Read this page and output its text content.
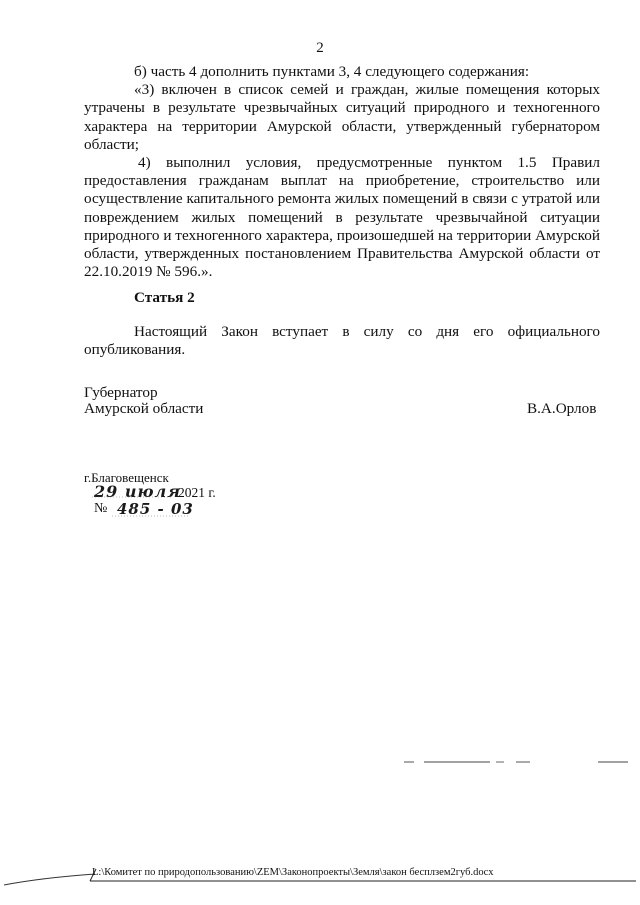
2

б) часть 4 дополнить пунктами 3, 4 следующего содержания:

«3) включен в список семей и граждан, жилые помещения которых утрачены в результате чрезвычайных ситуаций природного и техногенного характера на территории Амурской области, утвержденный губернатором области;

4) выполнил условия, предусмотренные пунктом 1.5 Правил предоставления гражданам выплат на приобретение, строительство или осуществление капитального ремонта жилых помещений в связи с утратой или повреждением жилых помещений в результате чрезвычайной ситуации природного и техногенного характера, произошедшей на территории Амурской области, утвержденных постановлением Правительства Амурской области от 22.10.2019 № 596.».

Статья 2

Настоящий Закон вступает в силу со дня его официального опубликования.

Губернатор
Амурской области	В.А.Орлов
г.Благовещенск
29 июля
2021 г.
№ 485 - 03
L:\Комитет по природопользованию\ZEM\Законопроекты\Земля\закон бесплзем2губ.docx
